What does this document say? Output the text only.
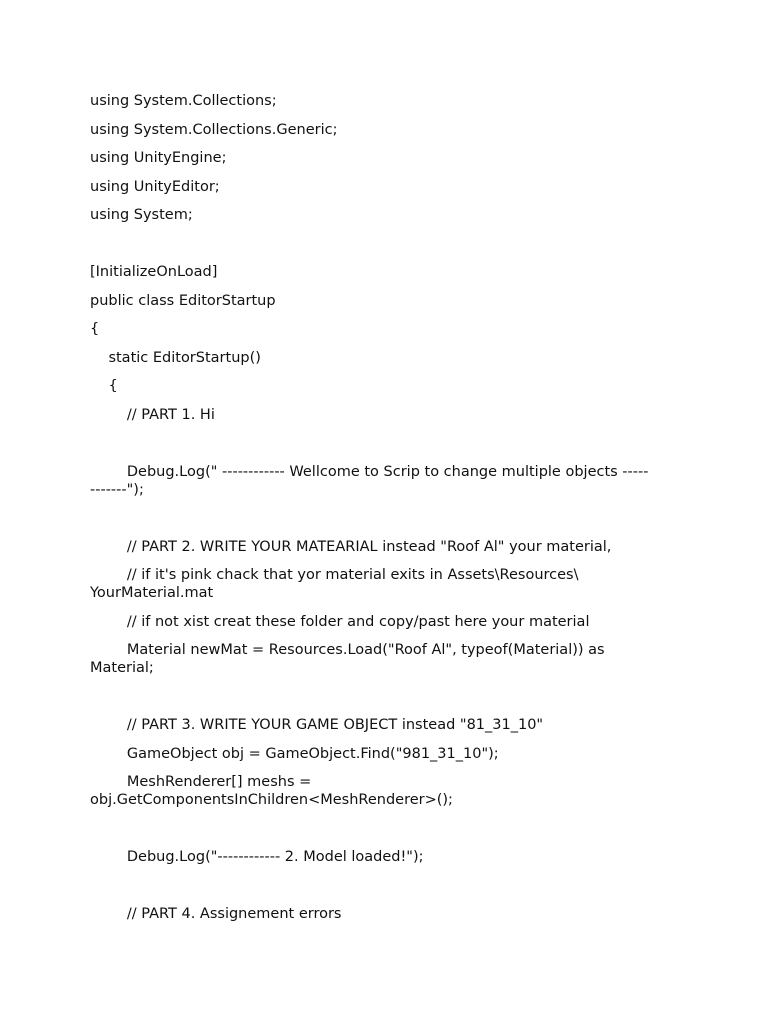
using System.Collections;
using System.Collections.Generic;
using UnityEngine;
using UnityEditor;
using System;
[InitializeOnLoad]
public class EditorStartup
{
static EditorStartup()
{
// PART 1. Hi
Debug.Log(" ------------ Wellcome to Scrip to change multiple objects ------------");
// PART 2. WRITE YOUR MATEARIAL instead "Roof Al" your material,
// if it's pink chack that yor material exits in Assets\Resources\ YourMaterial.mat
// if not xist creat these folder and copy/past here your material
Material newMat = Resources.Load("Roof Al", typeof(Material)) as Material;
// PART 3. WRITE YOUR GAME OBJECT instead "81_31_10"
GameObject obj = GameObject.Find("981_31_10");
MeshRenderer[] meshs = obj.GetComponentsInChildren<MeshRenderer>();
Debug.Log("------------ 2. Model loaded!");
// PART 4. Assignement errors
